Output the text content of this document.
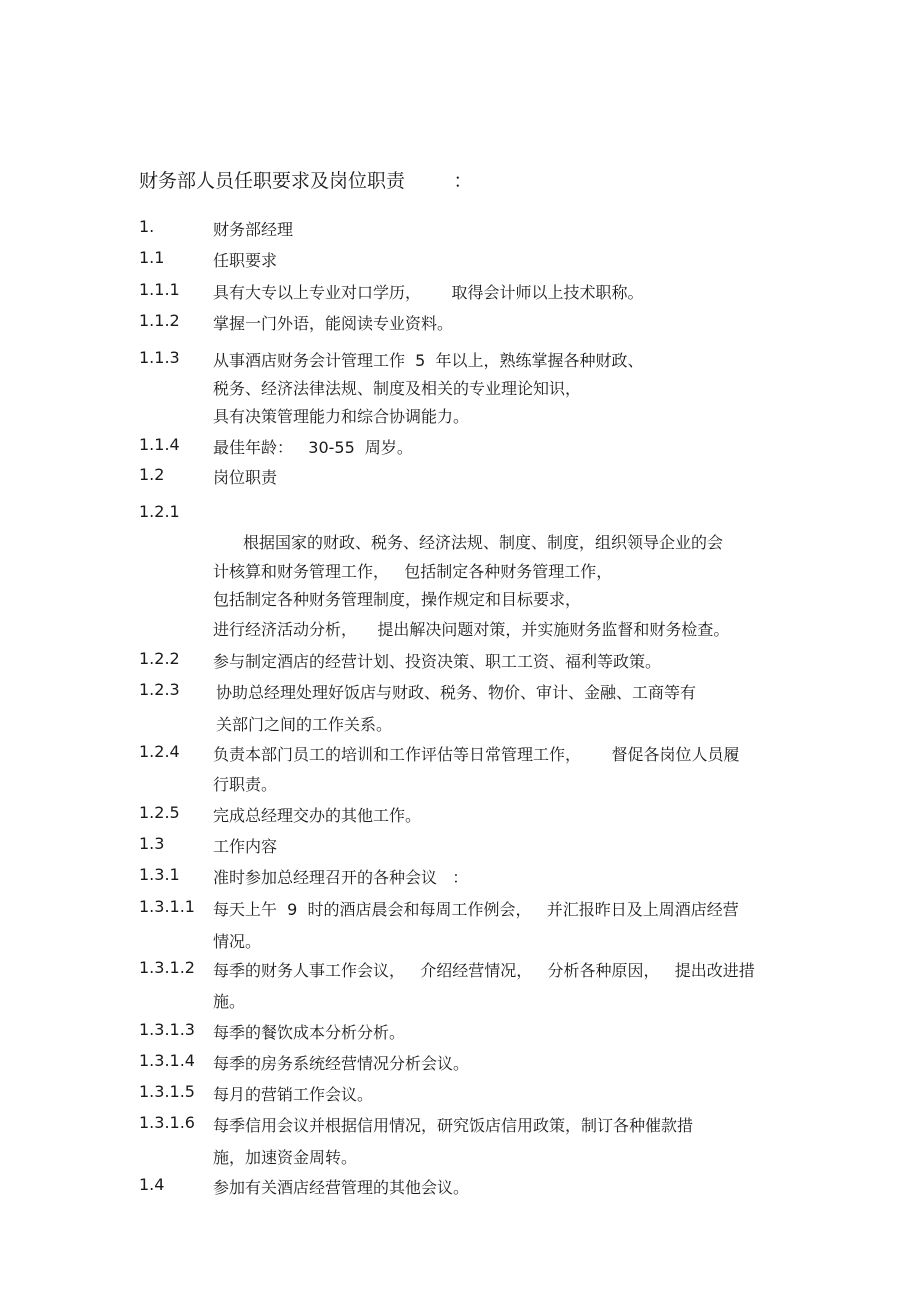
财务部人员任职要求及岗位职责        ：
1.	财务部经理
1.1	任职要求
1.1.1 具有大专以上专业对口学历，      取得会计师以上技术职称。
1.1.2 掌握一门外语，能阅读专业资料。
1.1.3 从事酒店财务会计管理工作  5  年以上，熟练掌握各种财政、
税务、经济法律法规、制度及相关的专业理论知识，
具有决策管理能力和综合协调能力。
1.1.4 最佳年龄：   30-55  周岁。
1.2	岗位职责
1.2.1
根据国家的财政、税务、经济法规、制度、制度，组织领导企业的会
计核算和财务管理工作，   包括制定各种财务管理工作，
包括制定各种财务管理制度，操作规定和目标要求，
进行经济活动分析，    提出解决问题对策，并实施财务监督和财务检查。
1.2.2 参与制定酒店的经营计划、投资决策、职工工资、福利等政策。
1.2.3 协助总经理处理好饭店与财政、税务、物价、审计、金融、工商等有
关部门之间的工作关系。
1.2.4 负责本部门员工的培训和工作评估等日常管理工作，      督促各岗位人员履
行职责。
1.2.5 完成总经理交办的其他工作。
1.3	工作内容
1.3.1 准时参加总经理召开的各种会议   ：
1.3.1.1 每天上午  9  时的酒店晨会和每周工作例会，   并汇报昨日及上周酒店经营
情况。
1.3.1.2 每季的财务人事工作会议，   介绍经营情况，   分析各种原因，   提出改进措
施。
1.3.1.3 每季的餐饮成本分析分析。
1.3.1.4 每季的房务系统经营情况分析会议。
1.3.1.5 每月的营销工作会议。
1.3.1.6 每季信用会议并根据信用情况，研究饭店信用政策，制订各种催款措
施，加速资金周转。
1.4	参加有关酒店经营管理的其他会议。
